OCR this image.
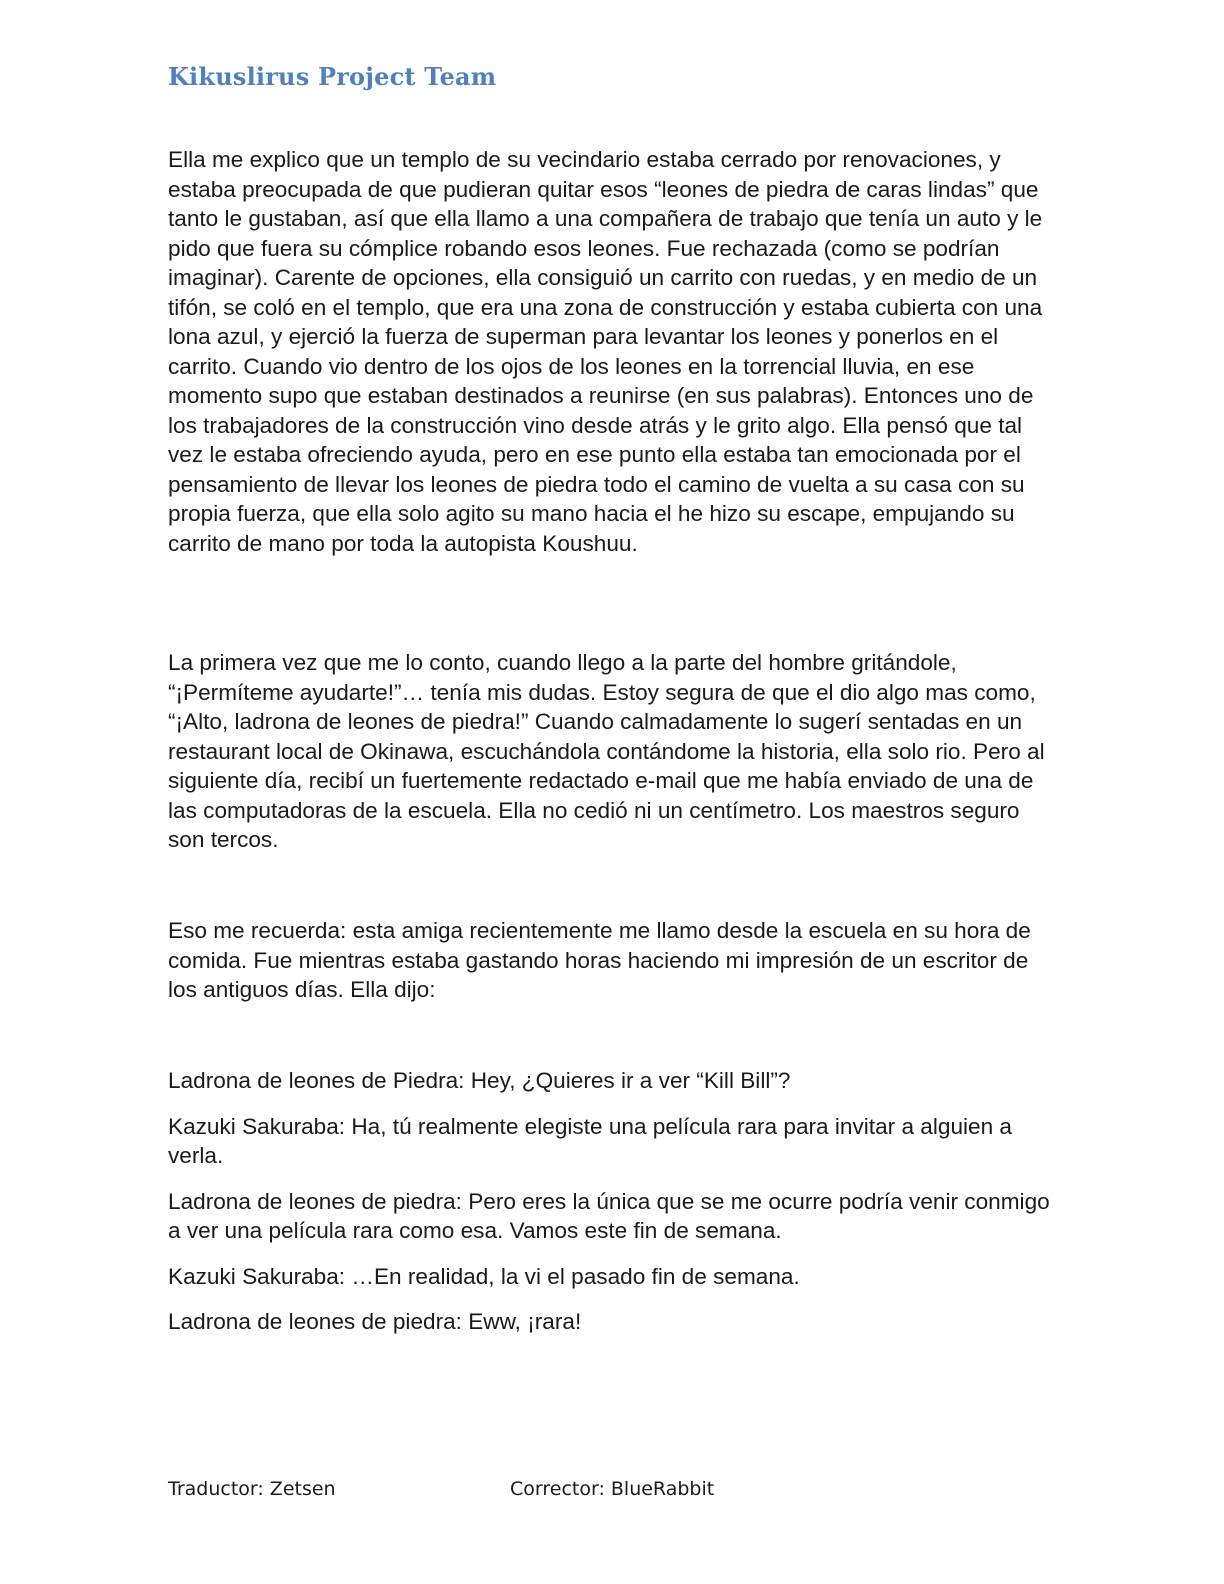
Kikuslirus Project Team

Ella me explico que un templo de su vecindario estaba cerrado por renovaciones, y estaba preocupada de que pudieran quitar esos “leones de piedra de caras lindas” que tanto le gustaban, así que ella llamo a una compañera de trabajo que tenía un auto y le pido que fuera su cómplice robando esos leones. Fue rechazada (como se podrían imaginar). Carente de opciones, ella consiguió un carrito con ruedas, y en medio de un tifón, se coló en el templo, que era una zona de construcción y estaba cubierta con una lona azul, y ejerció la fuerza de superman para levantar los leones y ponerlos en el carrito. Cuando vio dentro de los ojos de los leones en la torrencial lluvia, en ese momento supo que estaban destinados a reunirse (en sus palabras). Entonces uno de los trabajadores de la construcción vino desde atrás y le grito algo. Ella pensó que tal vez le estaba ofreciendo ayuda, pero en ese punto ella estaba tan emocionada por el pensamiento de llevar los leones de piedra todo el camino de vuelta a su casa con su propia fuerza, que ella solo agito su mano hacia el he hizo su escape, empujando su carrito de mano por toda la autopista Koushuu.

La primera vez que me lo conto, cuando llego a la parte del hombre gritándole, “¡Permíteme ayudarte!”… tenía mis dudas. Estoy segura de que el dio algo mas como, “¡Alto, ladrona de leones de piedra!” Cuando calmadamente lo sugerí sentadas en un restaurant local de Okinawa, escuchándola contándome la historia, ella solo rio. Pero al siguiente día, recibí un fuertemente redactado e-mail que me había enviado de una de las computadoras de la escuela. Ella no cedió ni un centímetro. Los maestros seguro son tercos.

Eso me recuerda: esta amiga recientemente me llamo desde la escuela en su hora de comida. Fue mientras estaba gastando horas haciendo mi impresión de un escritor de los antiguos días. Ella dijo:

Ladrona de leones de Piedra: Hey, ¿Quieres ir a ver “Kill Bill”?

Kazuki Sakuraba: Ha, tú realmente elegiste una película rara para invitar a alguien a verla.

Ladrona de leones de piedra: Pero eres la única que se me ocurre podría venir conmigo a ver una película rara como esa. Vamos este fin de semana.

Kazuki Sakuraba: …En realidad, la vi el pasado fin de semana.

Ladrona de leones de piedra: Eww, ¡rara!

Traductor: Zetsen	Corrector: BlueRabbit
